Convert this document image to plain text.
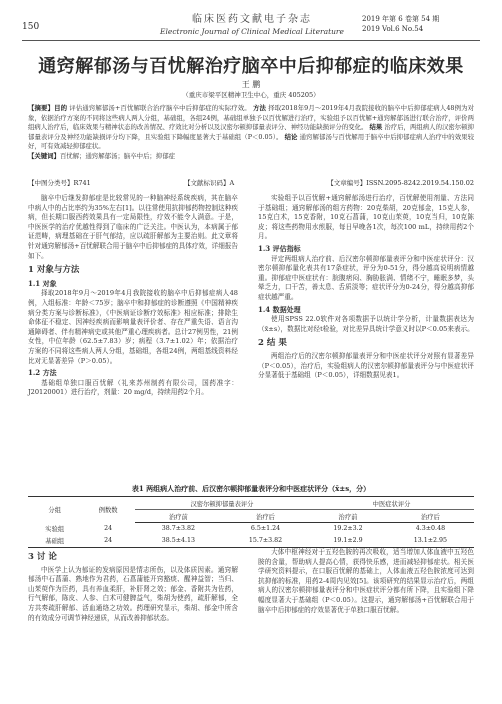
150
临床医药文献电子杂志
Electronic Journal of Clinical Medical Literature
2019 年第 6 卷第 54 期
2019 Vol.6 No.54
通窍解郁汤与百忧解治疗脑卒中后抑郁症的临床效果
王 鹏
（重庆市梁平区精神卫生中心，重庆 405205）
【摘要】目的 评估通窍解郁汤+百忧解联合治疗脑卒中后抑郁症的实际疗效。 方法 择取2018年9月～2019年4月我院接收的脑卒中后抑郁症病人48例为对象，依据治疗方案的不同将这些病人两人分组，基础组，各组24例，基础组单独予以百忧解进行治疗，实验组予以百忧解+通窍解郁汤进行联合治疗，评价两组病人治疗后，临床效果与精神状态的改善情况、疗效比对分析以及汉密尔顿抑郁量表评分、神经功能缺损评分的变化。 结果 治疗后，两组病人的汉密尔顿抑郁量表评分及神经功能缺损评分均下降，且实验组下降幅度显著大于基础组（P＜0.05）。 结论 通窍解郁汤与百忧解用于脑卒中后抑郁症病人治疗中的效果较好，可有效减轻抑郁症状。
【关键词】百忧解；通窍解郁汤；脑卒中后；抑郁症
【中图分类号】R741	【文献标识码】A	【文章编号】ISSN.2095-8242.2019.54.150.02

脑卒中后继发抑郁症是比较常见的一种脑神经系统疾病，其在脑卒中病人中的占比率约为35%左右[1]。以往常使用抗抑郁药物控制这种疾病，但长期口服西药效果具有一定局限性，疗效不能令人满意。于是，中医医学的治疗优越性得到了临床的广泛关注。中医认为，本病属于郁证范畴，病理基础在于肝气郁结，应以疏肝解郁为主要治则。此文章将针对通窍解郁汤+百忧解联合用于脑卒中后抑郁症的具体疗效，详细报告如下。

1 对象与方法
1.1 对象

择取2018年9月～2019年4月我院接收的脑卒中后抑郁症病人48例，入组标准：年龄＜75岁；脑卒中和抑郁症的诊断遵照《中国精神疾病分类方案与诊断标准》，《中医病证诊断疗效标准》相应标准；排除生命体征不稳定、因神经疾病而影响量表评价者、存在严重失语、语言沟通障碍者、伴有精神病史或其他严重心理疾病者。总计27例男性，21例女性，中位年龄（62.5±7.83）岁；病程（3.7±1.02）年；依据治疗方案的不同将这些病人两人分组，基础组，各组24例，两组基线资料经比对无显著差异（P＞0.05）。

1.2 方法

基础组单独口服百忧解（礼来苏州制药有限公司，国药准字：J20120001）进行治疗，剂量：20 mg/d，持续用药2个月。

实验组予以百忧解+通窍解郁汤进行治疗，百忧解使用剂量、方法同于基础组；通窍解郁汤的组方药物：20克柴胡，20克郁金，15克人参，15克白术，15克香附，10克石菖蒲，10克山茱萸，10克当归，10克陈皮；将这些药物用水煎服，每日早晚各1次，每次100 mL，持续用药2个月。

1.3 评估指标

评定两组病人治疗前、后汉密尔顿抑郁量表评分和中医症状评分：汉密尔顿抑郁量化表共有17条症状，评分为0-51分，得分越高说明病情越重。抑郁症中医症状有：脘腹痞闷、胸胁胀满、情绪不宁，睡眠多梦，头晕乏力，口干苦，善太息、舌质淡等；症状评分为0-24分，得分越高抑郁症状越严重。

1.4 数据处理

使用SPSS 22.0软件对各项数据予以统计学分析，计量数据表达为（x̄±s），数据比对经t检验，对比差异具统计学意义时以P＜0.05来表示。

2 结 果

两组治疗后的汉密尔顿抑郁量表评分和中医症状评分对照有显著差异（P＜0.05），治疗后，实验组病人的汉密尔顿抑郁量表评分与中医症状评分显著低于基础组（P＜0.05），详细数据见表1。

表1 两组病人治疗前、后汉密尔顿抑郁量表评分和中医症状评分（x̄±s，分）
分组	例数数	汉密尔顿抑郁量表评分		中医症状评分	
		治疗前	治疗后	治疗前	治疗后
实验组	24	38.7±3.82	6.5±1.24	19.2±3.2	4.3±0.48
基础组	24	38.5±4.13	15.7±3.82	19.1±2.9	13.1±2.95
3 讨 论

中医学上认为郁证的发病原因是情志所伤，以及体质因素。通窍解郁汤中石菖蒲、熟地作为君药，石菖蒲能开窍豁痰、醒神益智；当归、山茱萸作为臣药，具有养血柔肝，补肝肾之效；郁金、香附共为佐药，行气解郁，陈皮、人参、白术可健脾益气，柴胡为使药，疏肝解郁，全方共奏疏肝解郁、活血通络之功效。药理研究显示，柴胡、郁金中所含的有效成分可调节神经递质，从而改善抑郁状态。

大体中枢神经对于五羟色胺的再次吸收，适当增加人体血液中五羟色胺的含量，帮助病人提高心情，获得快乐感，进而减轻抑郁症状。相关医学研究资料提示，在口服百忧解的基础上，人体血液五羟色胺浓度可达到抗抑郁的标准，用药2-4周内见效[5]。该项研究的结果显示治疗后，两组病人的汉密尔顿抑郁量表评分和中医症状评分都有所下降，且实验组下降幅度显著大于基础组（P＜0.05）。这提示，通窍解郁汤+百忧解联合用于脑卒中后抑郁症的疗效显著优于单独口服百忧解。
